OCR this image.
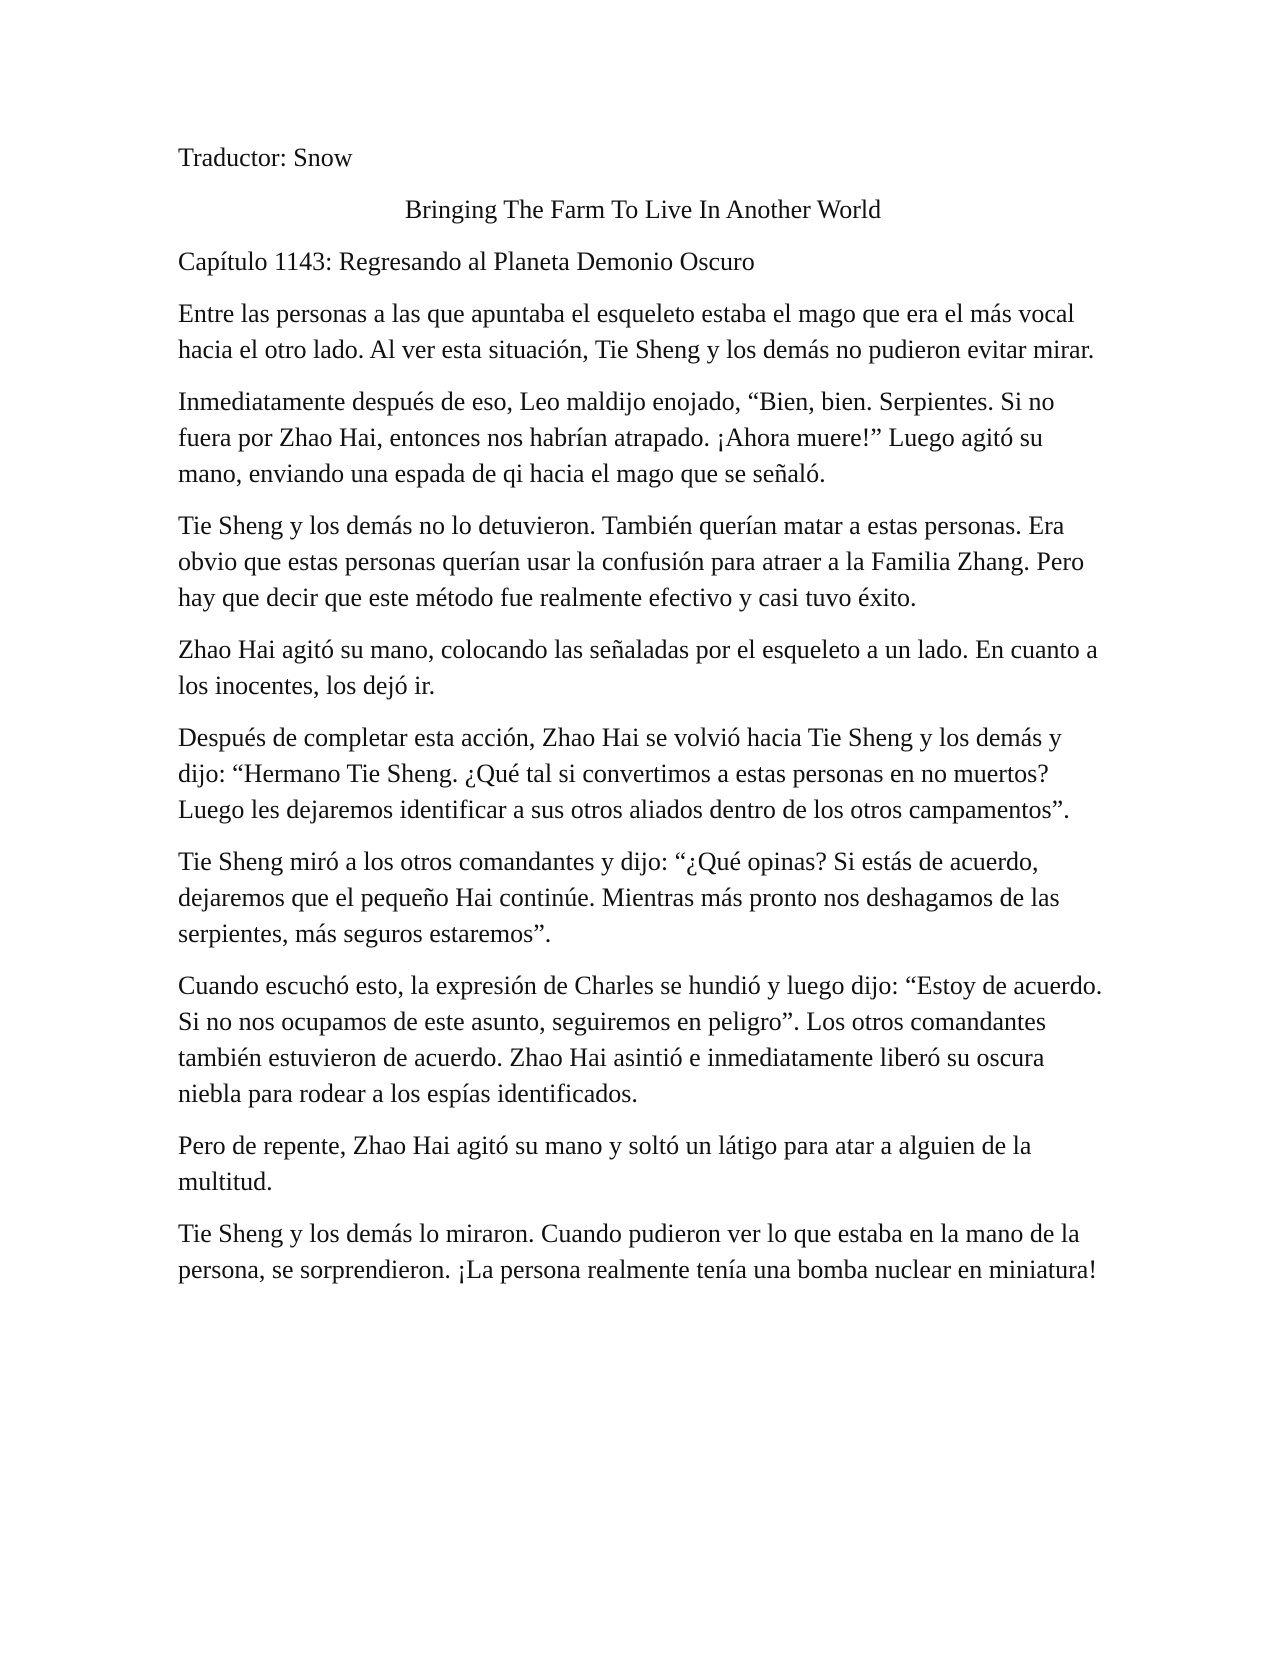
Traductor: Snow

Bringing The Farm To Live In Another World

Capítulo 1143: Regresando al Planeta Demonio Oscuro

Entre las personas a las que apuntaba el esqueleto estaba el mago que era el más vocal hacia el otro lado. Al ver esta situación, Tie Sheng y los demás no pudieron evitar mirar.

Inmediatamente después de eso, Leo maldijo enojado, “Bien, bien. Serpientes. Si no fuera por Zhao Hai, entonces nos habrían atrapado. ¡Ahora muere!” Luego agitó su mano, enviando una espada de qi hacia el mago que se señaló.

Tie Sheng y los demás no lo detuvieron. También querían matar a estas personas. Era obvio que estas personas querían usar la confusión para atraer a la Familia Zhang. Pero hay que decir que este método fue realmente efectivo y casi tuvo éxito.

Zhao Hai agitó su mano, colocando las señaladas por el esqueleto a un lado. En cuanto a los inocentes, los dejó ir.

Después de completar esta acción, Zhao Hai se volvió hacia Tie Sheng y los demás y dijo: “Hermano Tie Sheng. ¿Qué tal si convertimos a estas personas en no muertos? Luego les dejaremos identificar a sus otros aliados dentro de los otros campamentos”.

Tie Sheng miró a los otros comandantes y dijo: “¿Qué opinas? Si estás de acuerdo, dejaremos que el pequeño Hai continúe. Mientras más pronto nos deshagamos de las serpientes, más seguros estaremos”.

Cuando escuchó esto, la expresión de Charles se hundió y luego dijo: “Estoy de acuerdo. Si no nos ocupamos de este asunto, seguiremos en peligro”. Los otros comandantes también estuvieron de acuerdo. Zhao Hai asintió e inmediatamente liberó su oscura niebla para rodear a los espías identificados.

Pero de repente, Zhao Hai agitó su mano y soltó un látigo para atar a alguien de la multitud.

Tie Sheng y los demás lo miraron. Cuando pudieron ver lo que estaba en la mano de la persona, se sorprendieron. ¡La persona realmente tenía una bomba nuclear en miniatura!
